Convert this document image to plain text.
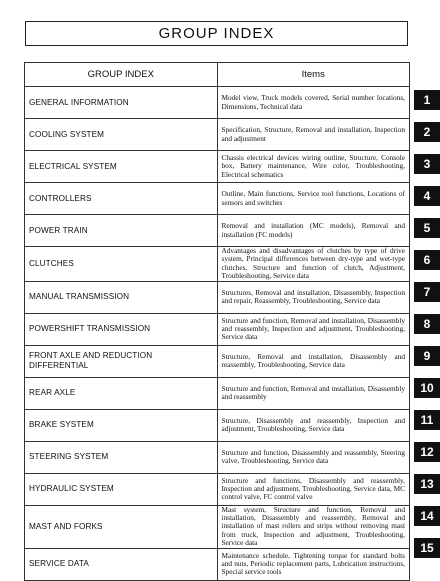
GROUP INDEX
GROUP INDEX	Items
GENERAL INFORMATION	Model view, Truck models covered, Serial number locations, Dimensions, Technical data
COOLING SYSTEM	Specification, Structure, Removal and installation, Inspection and adjustment
ELECTRICAL SYSTEM	Chassis electrical devices wiring outline, Structure, Console box, Battery maintenance, Wire color, Troubleshooting, Electrical schematics
CONTROLLERS	Outline, Main functions, Service tool functions, Locations of sensors and switches
POWER TRAIN	Removal and installation (MC models), Removal and installation (FC models)
CLUTCHES	Advantages and disadvantages of clutches by type of drive system, Principal differences between dry-type and wet-type clutches, Structure and function of clutch, Adjustment, Troubleshooting, Service data
MANUAL TRANSMISSION	Structures, Removal and installation, Disassembly, Inspection and repair, Reassembly, Troubleshooting, Service data
POWERSHIFT TRANSMISSION	Structure and function, Removal and installation, Disassembly and reassembly, Inspection and adjustment, Troubleshooting, Service data
FRONT AXLE AND REDUCTION DIFFERENTIAL	Structure, Removal and installation, Disassembly and reassembly, Troubleshooting, Service data
REAR AXLE	Structure and function, Removal and installation, Disassembly and reassembly
BRAKE SYSTEM	Structure, Disassembly and reassembly, Inspection and adjustment, Troubleshooting, Service data
STEERING SYSTEM	Structure and function, Disassembly and reassembly, Steering valve, Troubleshooting, Service data
HYDRAULIC SYSTEM	Structure and functions, Disassembly and reassembly, Inspection and adjustment, Troubleshooting, Service data, MC control valve, FC control valve
MAST AND FORKS	Mast system, Structure and function, Removal and installation, Disassembly and reassembly, Removal and installation of mast rollers and strips without removing mast from truck, Inspection and adjustment, Troubleshooting, Service data
SERVICE DATA	Maintenance schedule, Tightening torque for standard bolts and nuts, Periodic replacement parts, Lubrication instructions, Special service tools
1
2
3
4
5
6
7
8
9
10
11
12
13
14
15
